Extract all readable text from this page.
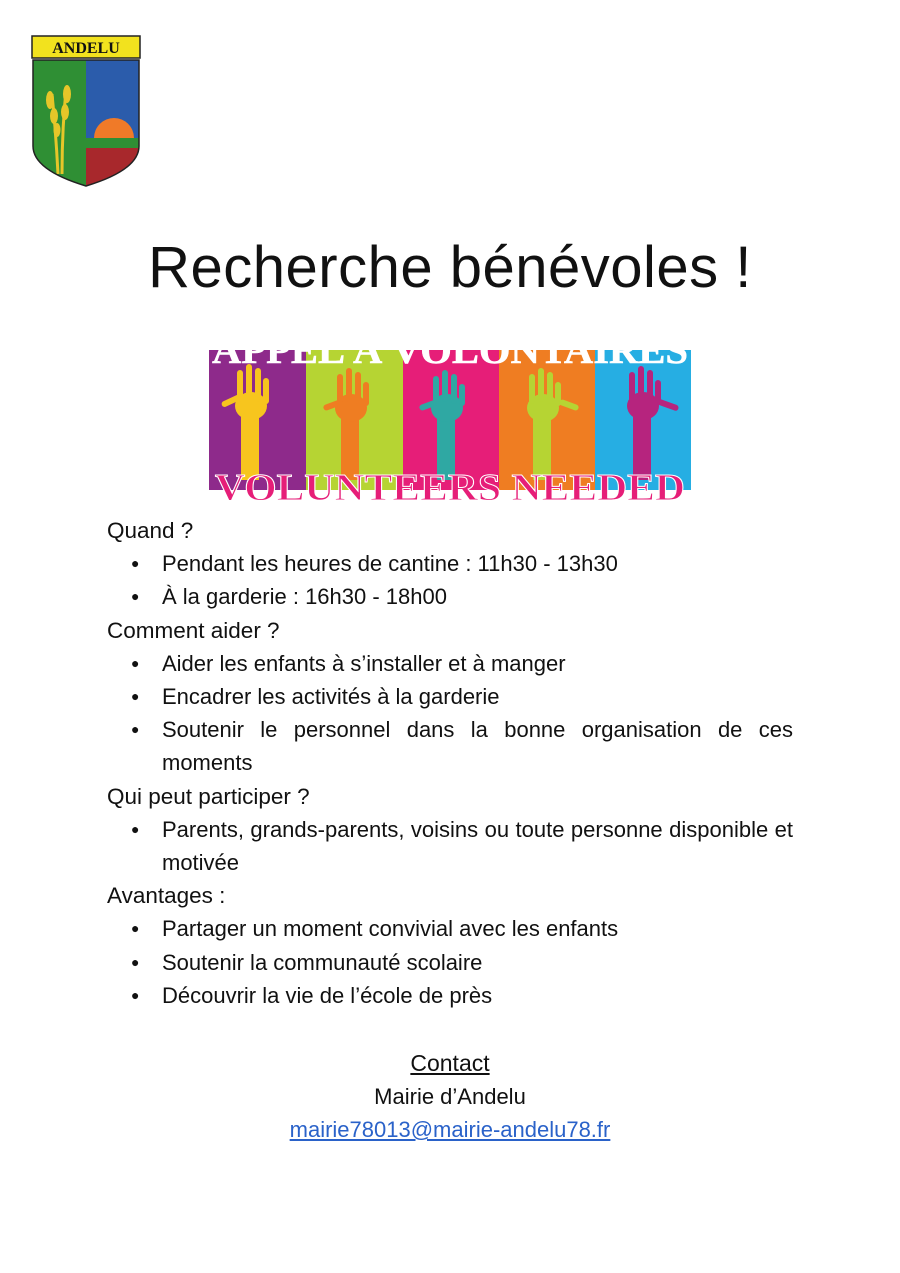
ANDELU
Recherche bénévoles !
APPEL À VOLONTAIRES
VOLUNTEERS NEEDED

Quand ?

● Pendant les heures de cantine : 11h30 - 13h30
● À la garderie : 16h30 - 18h00

Comment aider ?

● Aider les enfants à s’installer et à manger
● Encadrer les activités à la garderie
● Soutenir le personnel dans la bonne organisation de ces moments

Qui peut participer ?

● Parents, grands-parents, voisins ou toute personne disponible et motivée

Avantages :

● Partager un moment convivial avec les enfants
● Soutenir la communauté scolaire
● Découvrir la vie de l’école de près
Contact
Mairie d’Andelu
mairie78013@mairie-andelu78.fr
